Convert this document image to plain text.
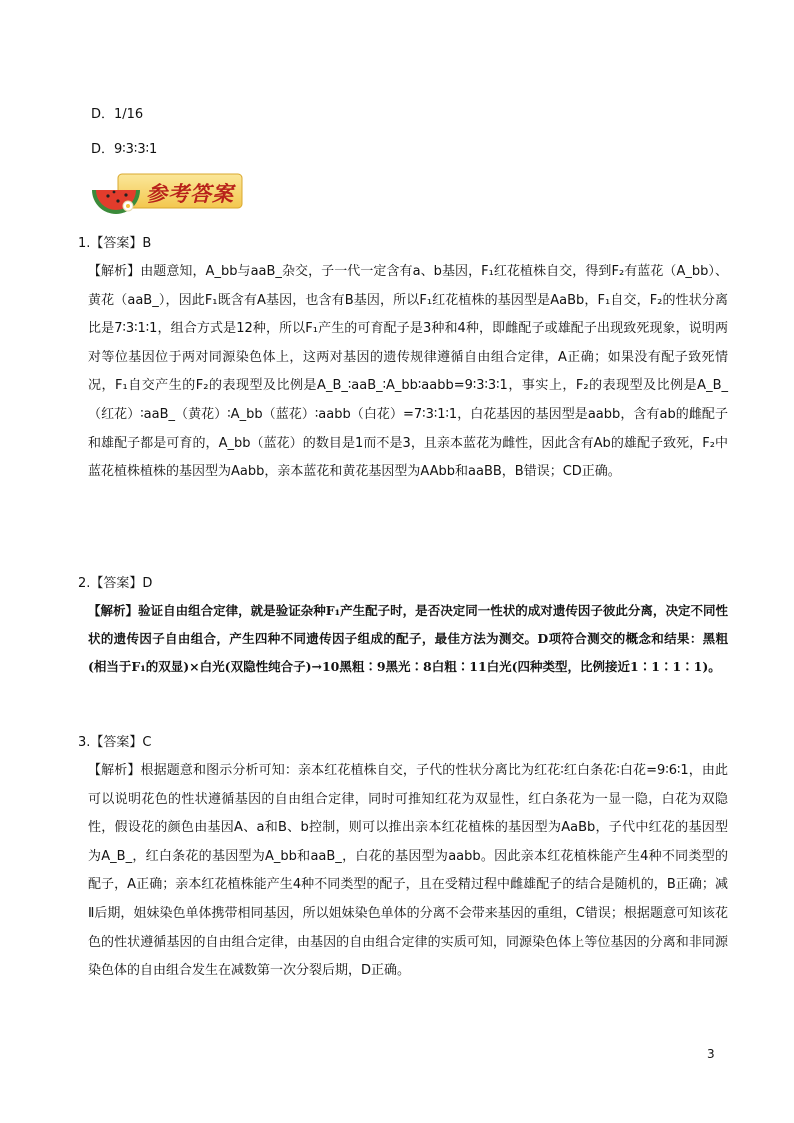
D．1/16
D．9∶3∶3∶1
参考答案
1.【答案】B
【解析】由题意知，A_bb与aaB_杂交，子一代一定含有a、b基因，F₁红花植株自交，得到F₂有蓝花（A_bb）、黄花（aaB_），因此F₁既含有A基因，也含有B基因，所以F₁红花植株的基因型是AaBb，F₁自交，F₂的性状分离比是7∶3∶1∶1，组合方式是12种，所以F₁产生的可育配子是3种和4种，即雌配子或雄配子出现致死现象，说明两对等位基因位于两对同源染色体上，这两对基因的遗传规律遵循自由组合定律，A正确；如果没有配子致死情况，F₁自交产生的F₂的表现型及比例是A_B_∶aaB_∶A_bb∶aabb=9∶3∶3∶1，事实上，F₂的表现型及比例是A_B_（红花）∶aaB_（黄花）∶A_bb（蓝花）∶aabb（白花）=7∶3∶1∶1，白花基因的基因型是aabb，含有ab的雌配子和雄配子都是可育的，A_bb（蓝花）的数目是1而不是3，且亲本蓝花为雌性，因此含有Ab的雄配子致死，F₂中蓝花植株植株的基因型为Aabb，亲本蓝花和黄花基因型为AAbb和aaBB，B错误；CD正确。
2.【答案】D
【解析】验证自由组合定律，就是验证杂种F₁产生配子时，是否决定同一性状的成对遗传因子彼此分离，决定不同性状的遗传因子自由组合，产生四种不同遗传因子组成的配子，最佳方法为测交。D项符合测交的概念和结果：黑粗(相当于F₁的双显)×白光(双隐性纯合子)→10黑粗∶9黑光∶8白粗∶11白光(四种类型，比例接近1∶1∶1∶1)。
3.【答案】C
【解析】根据题意和图示分析可知：亲本红花植株自交，子代的性状分离比为红花∶红白条花∶白花=9∶6∶1，由此可以说明花色的性状遵循基因的自由组合定律，同时可推知红花为双显性，红白条花为一显一隐，白花为双隐性，假设花的颜色由基因A、a和B、b控制，则可以推出亲本红花植株的基因型为AaBb，子代中红花的基因型为A_B_，红白条花的基因型为A_bb和aaB_，白花的基因型为aabb。因此亲本红花植株能产生4种不同类型的配子，A正确；亲本红花植株能产生4种不同类型的配子，且在受精过程中雌雄配子的结合是随机的，B正确；减Ⅱ后期，姐妹染色单体携带相同基因，所以姐妹染色单体的分离不会带来基因的重组，C错误；根据题意可知该花色的性状遵循基因的自由组合定律，由基因的自由组合定律的实质可知，同源染色体上等位基因的分离和非同源染色体的自由组合发生在减数第一次分裂后期，D正确。
3
